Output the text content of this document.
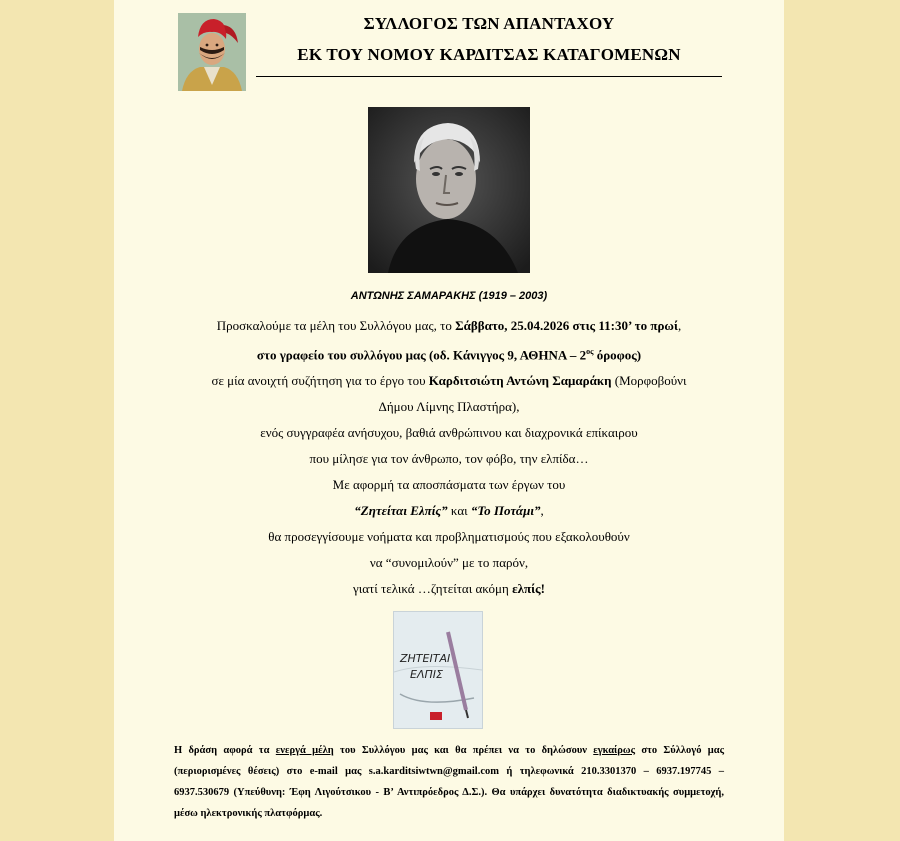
ΣΥΛΛΟΓΟΣ ΤΩΝ ΑΠΑΝΤΑΧΟΥ
ΕΚ ΤΟΥ ΝΟΜΟΥ ΚΑΡΔΙΤΣΑΣ ΚΑΤΑΓΟΜΕΝΩΝ
ΑΝΤΩΝΗΣ ΣΑΜΑΡΑΚΗΣ (1919 – 2003)
Προσκαλούμε τα μέλη του Συλλόγου μας, το Σάββατο, 25.04.2026 στις 11:30’ το πρωί,
στο γραφείο του συλλόγου μας (οδ. Κάνιγγος 9, ΑΘΗΝΑ – $2^{o\varsigma}$ όροφος)
σε μία ανοιχτή συζήτηση για το έργο του Καρδιτσιώτη Αντώνη Σαμαράκη (Μορφοβούνι
Δήμου Λίμνης Πλαστήρα),
ενός συγγραφέα ανήσυχου, βαθιά ανθρώπινου και διαχρονικά επίκαιρου
που μίλησε για τον άνθρωπο, τον φόβο, την ελπίδα…
Με αφορμή τα αποσπάσματα των έργων του
“Ζητείται Ελπίς” και “Το Ποτάμι”,
θα προσεγγίσουμε νοήματα και προβληματισμούς που εξακολουθούν
να “συνομιλούν” με το παρόν,
γιατί τελικά …ζητείται ακόμη ελπίς!
ΖΗΤΕΙΤΑΙ
ΕΛΠΙΣ
Η δράση αφορά τα ενεργά μέλη του Συλλόγου μας και θα πρέπει να το δηλώσουν εγκαίρως στο Σύλλογό μας (περιορισμένες θέσεις) στο e-mail μας s.a.karditsiwtwn@gmail.com ή τηλεφωνικά 210.3301370 – 6937.197745 – 6937.530679 (Υπεύθυνη: Έφη Λιγούτσικου - Β’ Αντιπρόεδρος Δ.Σ.). Θα υπάρχει δυνατότητα διαδικτυακής συμμετοχή, μέσω ηλεκτρονικής πλατφόρμας.
